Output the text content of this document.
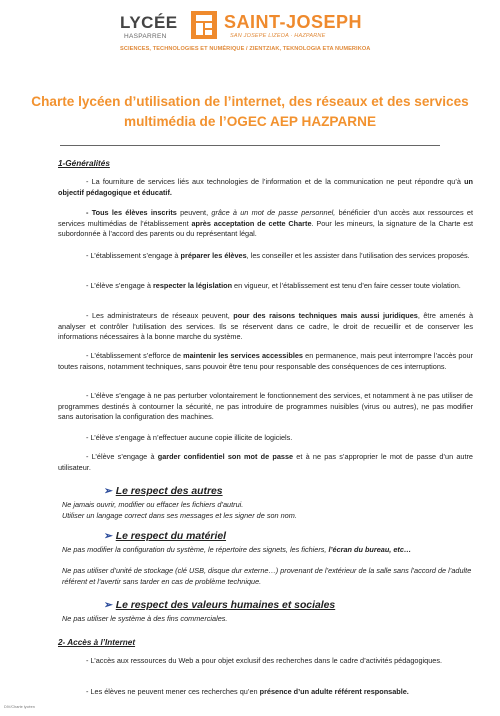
LYCÉE
HASPARREN
SAINT-JOSEPH
SAN JOSEPE LIZEOA · HAZPARNE
SCIENCES, TECHNOLOGIES ET NUMÉRIQUE / ZIENTZIAK, TEKNOLOGIA ETA NUMERIKOA
Charte lycéen d’utilisation de l’internet, des réseaux et des services multimédia de l’OGEC AEP HAZPARNE
1-Généralités
- La fourniture de services liés aux technologies de l’information et de la communication ne peut répondre qu’à un objectif pédagogique et éducatif.
- Tous les élèves inscrits peuvent, grâce à un mot de passe personnel, bénéficier d’un accès aux ressources et services multimédias de l’établissement après acceptation de cette Charte. Pour les mineurs, la signature de la Charte est subordonnée à l’accord des parents ou du représentant légal.
- L’établissement s’engage à préparer les élèves, les conseiller et les assister dans l’utilisation des services proposés.
- L’élève s’engage à respecter la législation en vigueur, et l’établissement est tenu d’en faire cesser toute violation.
- Les administrateurs de réseaux peuvent, pour des raisons techniques mais aussi juridiques, être amenés à analyser et contrôler l’utilisation des services. Ils se réservent dans ce cadre, le droit de recueillir et de conserver les informations nécessaires à la bonne marche du système.
- L’établissement s’efforce de maintenir les services accessibles en permanence, mais peut interrompre l’accès pour toutes raisons, notamment techniques, sans pouvoir être tenu pour responsable des conséquences de ces interruptions.
- L’élève s’engage à ne pas perturber volontairement le fonctionnement des services, et notamment à ne pas utiliser de programmes destinés à contourner la sécurité, ne pas introduire de programmes nuisibles (virus ou autres), ne pas modifier sans autorisation la configuration des machines.
- L’élève s’engage à n’effectuer aucune copie illicite de logiciels.
- L’élève s’engage à garder confidentiel son mot de passe et à ne pas s’approprier le mot de passe d’un autre utilisateur.
➢ Le respect des autres
Ne jamais ouvrir, modifier ou effacer les fichiers d’autrui.
Utiliser un langage correct dans ses messages et les signer de son nom.
➢ Le respect du matériel
Ne pas modifier la configuration du système, le répertoire des signets, les fichiers, l’écran du bureau, etc…
Ne pas utiliser d’unité de stockage (clé USB, disque dur externe…) provenant de l’extérieur de la salle sans l’accord de l’adulte référent et l’avertir sans tarder en cas de problème technique.
➢ Le respect des valeurs humaines et sociales
Ne pas utiliser le système à des fins commerciales.
2- Accès à l’Internet
- L’accès aux ressources du Web a pour objet exclusif des recherches dans le cadre d’activités pédagogiques.
- Les élèves ne peuvent mener ces recherches qu’en présence d’un adulte référent responsable.
DIV/Charte lycéen
